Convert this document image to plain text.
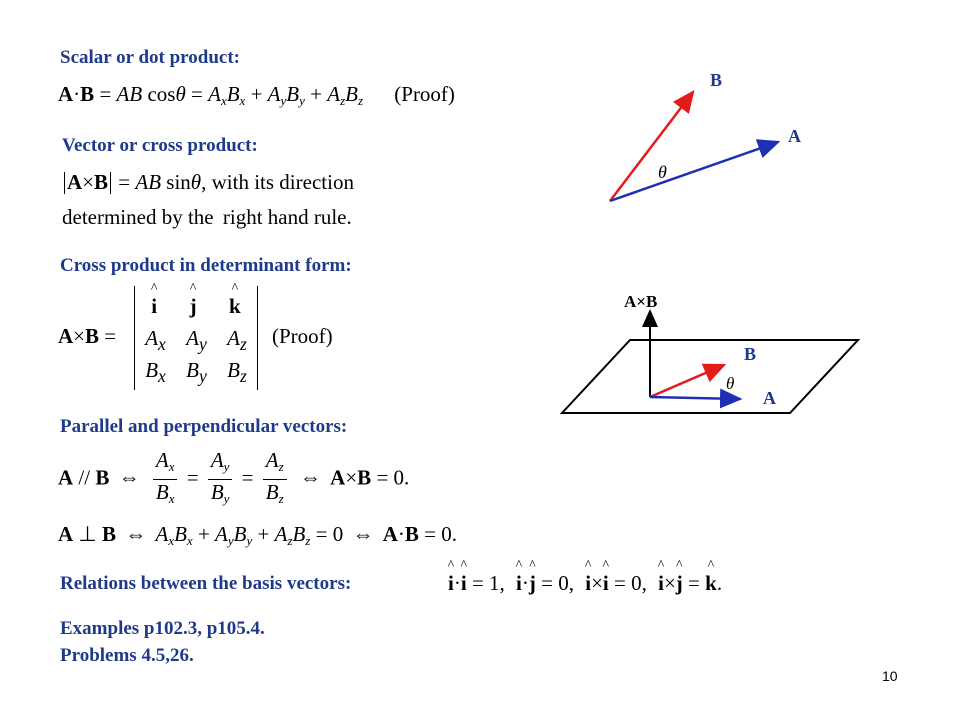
Scalar or dot product:
Vector or cross product:
Cross product in determinant form:
Parallel and perpendicular vectors:
Relations between the basis vectors:
A·B = AB $\cos\theta = A_xB_x + A_yB_y + A_zB_z$ (Proof)
A×B = AB sinθ, with its direction
determined by the right hand rule.
A×B =
^ i ^ j ^ k
$A_x$ $A_y$ $A_z$
$B_x$ $B_y$ $B_z$
(Proof)
A // B ⇔ $\frac{A_x}{B_x} = \frac{A_y}{B_y} = \frac{A_z}{B_z}$ ⇔ A×B = 0.
A ⊥ B ⇔ $A_xB_x + A_yB_y + A_zB_z = 0$ ⇔ A·B = 0.
^ i·^ i = 1, ^ i·^ j = 0, ^ i×^ i = 0, ^ i×^ j = ^ k.
Examples p102.3, p105.4.
Problems 4.5,26.
10
B
A
θ
A×B
B
A
θ
